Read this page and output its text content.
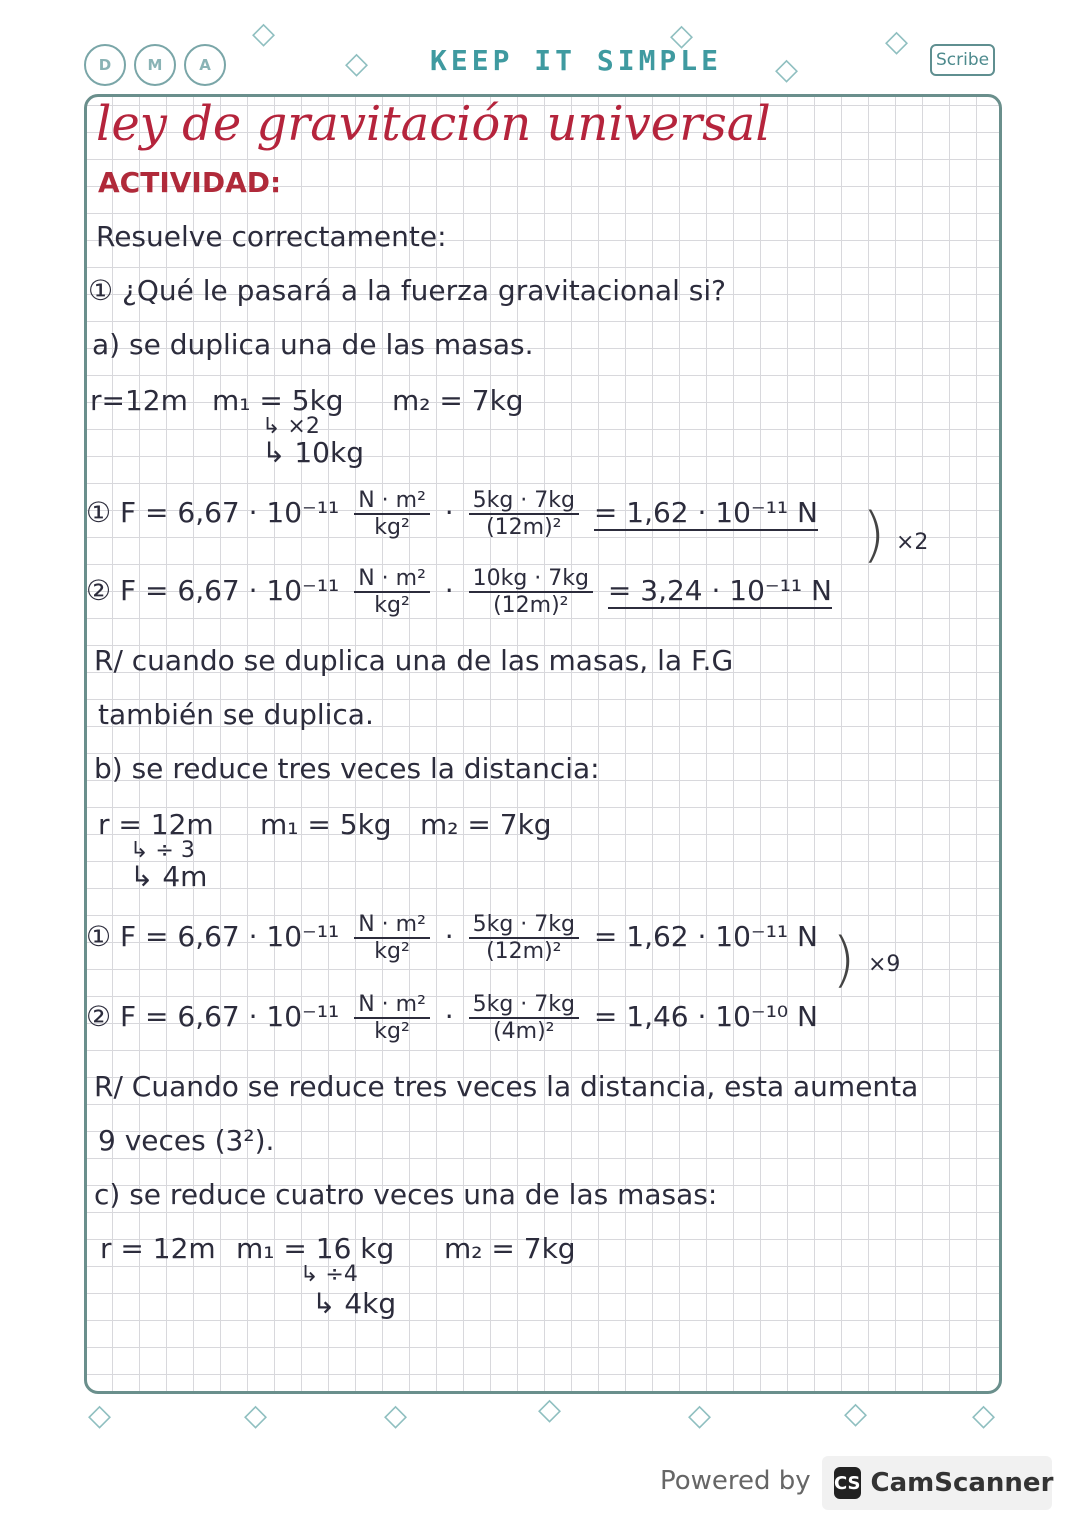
D	M	A
◇
◇
◇
◇
◇
KEEP IT SIMPLE	Scribe
ley de gravitación universal
ACTIVIDAD:
Resuelve correctamente:
① ¿Qué le pasará a la fuerza gravitacional si?
a) se duplica una de las masas.
r=12m m₁ = 5kg
↳ ×2
↳ 10kg
m₂ = 7kg
① $F = 6,67 \cdot 10^{-11} \frac{\text{N · m²}}{\text{kg²}} \cdot \frac{5kg \cdot 7kg}{\text{(12m)²}} = 1,62 \cdot 10^{-11}$ N
② $F = 6,67 \cdot 10^{-11} \frac{\text{N · m²}}{\text{kg²}} \cdot \frac{10kg \cdot 7kg}{\text{(12m)²}} = 3,24 \cdot 10^{-11}$ N
) ×2
R/ cuando se duplica una de las masas, la F.G
también se duplica.
b) se reduce tres veces la distancia:
r = 12m
↳ ÷ 3
↳ 4m
m₁ = 5kg m₂ = 7kg
① $F = 6,67 \cdot 10^{-11} \frac{\text{N · m²}}{\text{kg²}} \cdot \frac{5kg \cdot 7kg}{\text{(12m)²}} = 1,62 \cdot 10^{-11}$ N
② $F = 6,67 \cdot 10^{-11} \frac{\text{N · m²}}{\text{kg²}} \cdot \frac{5kg \cdot 7kg}{\text{(4m)²}} = 1,46 \cdot 10^{-10}$ N
) ×9
R/ Cuando se reduce tres veces la distancia, esta aumenta
9 veces (3²).
c) se reduce cuatro veces una de las masas:
r = 12m m₁ = 16 kg
↳ ÷4
↳ 4kg
m₂ = 7kg
◇	◇	◇	◇	◇	◇	◇
Powered by CS CamScanner
